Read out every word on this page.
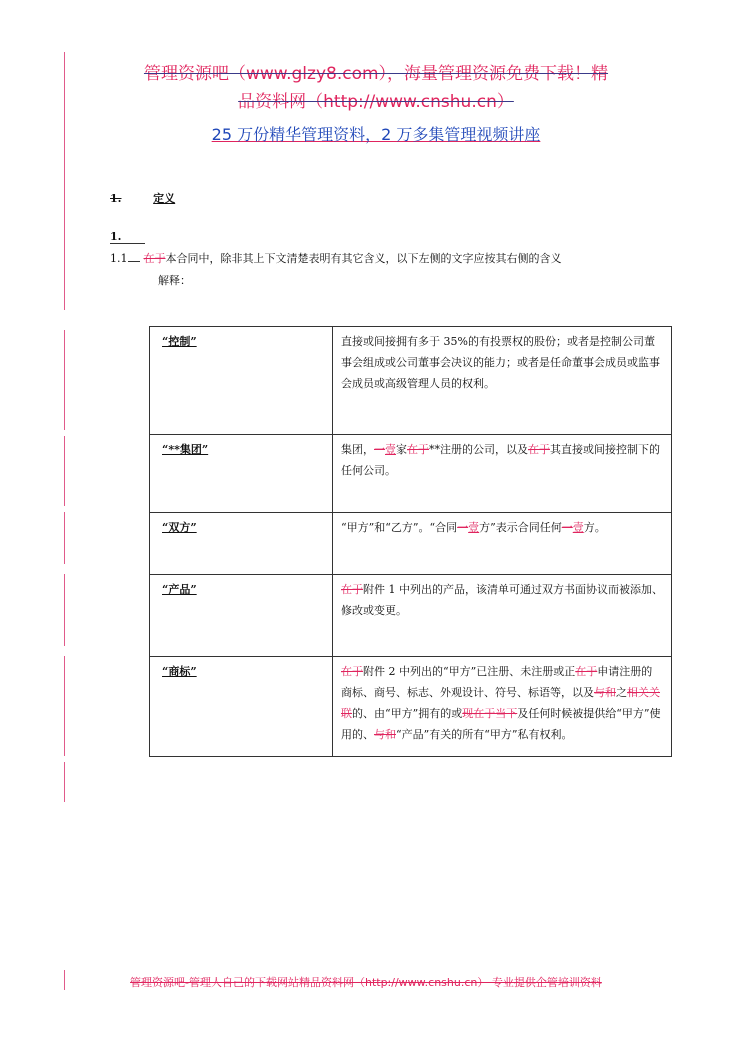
管理资源吧（www.glzy8.com），海量管理资源免费下载！精
品资料网（http://www.cnshu.cn）
25 万份精华管理资料，2 万多集管理视频讲座
1.	定义
1.
1.1 在于本合同中，除非其上下文清楚表明有其它含义，以下左侧的文字应按其右侧的含义
解释：
“控制”	直接或间接拥有多于 35%的有投票权的股份；或者是控制公司董事会组成或公司董事会决议的能力；或者是任命董事会成员或监事会成员或高级管理人员的权利。
“**集团”	集团，一壹家在于**注册的公司，以及在于其直接或间接控制下的任何公司。
“双方”	“甲方”和“乙方”。“合同一壹方”表示合同任何一壹方。
“产品”	在于附件 1 中列出的产品，该清单可通过双方书面协议而被添加、修改或变更。
“商标”	在于附件 2 中列出的“甲方”已注册、未注册或正在于申请注册的商标、商号、标志、外观设计、符号、标语等，以及与和之相关关联的、由“甲方”拥有的或现在于当下及任何时候被提供给“甲方”使用的、与和“产品”有关的所有“甲方”私有权利。
管理资源吧-管理人自己的下载网站精品资料网（http://www.cnshu.cn） 专业提供企管培训资料
